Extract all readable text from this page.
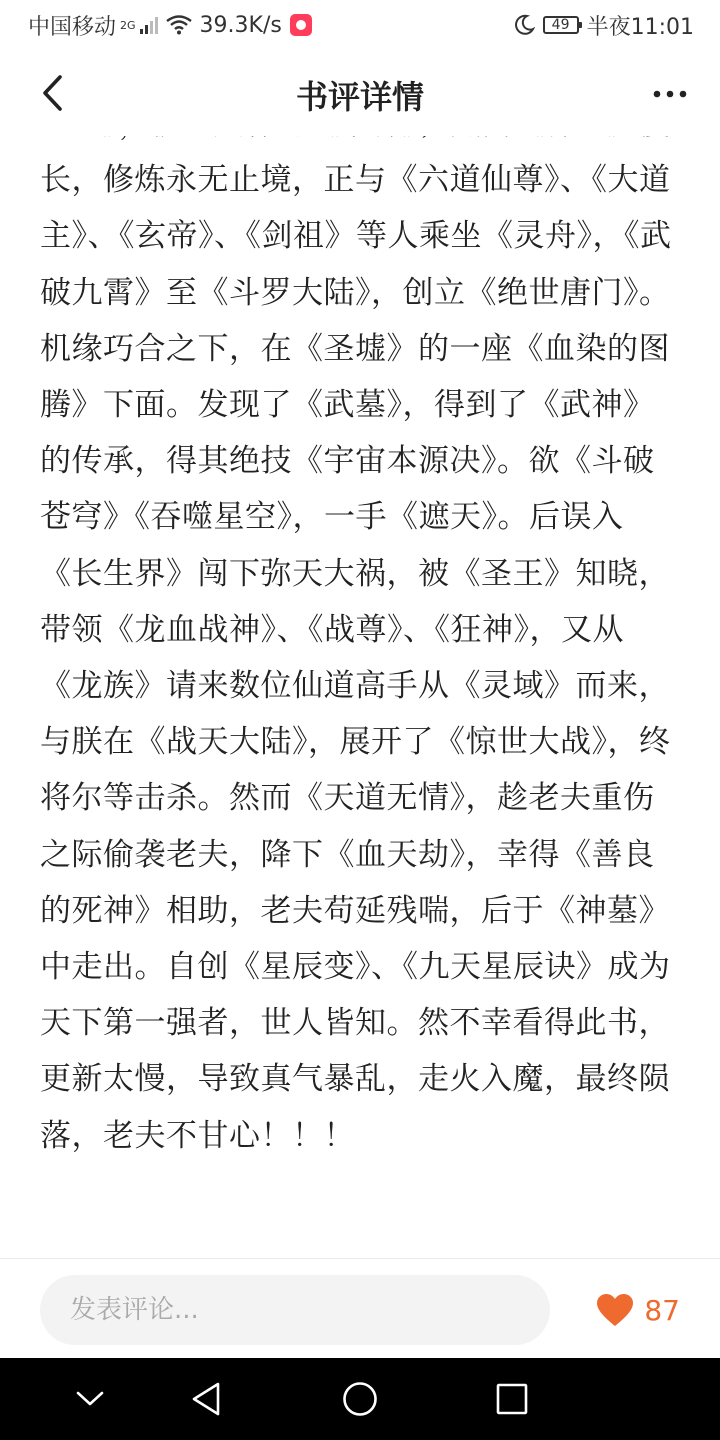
中国移动 2G	39.3K/s	49 半夜11:01
书评详情

长，修炼永无止境，正与《六道仙尊》、《大道主》、《玄帝》、《剑祖》等人乘坐《灵舟》，《武破九霄》至《斗罗大陆》，创立《绝世唐门》。机缘巧合之下，在《圣墟》的一座《血染的图腾》下面。发现了《武墓》，得到了《武神》的传承，得其绝技《宇宙本源决》。欲《斗破苍穹》《吞噬星空》，一手《遮天》。后误入《长生界》闯下弥天大祸，被《圣王》知晓，带领《龙血战神》、《战尊》、《狂神》，又从《龙族》请来数位仙道高手从《灵域》而来，与朕在《战天大陆》，展开了《惊世大战》，终将尔等击杀。然而《天道无情》，趁老夫重伤之际偷袭老夫，降下《血天劫》，幸得《善良的死神》相助，老夫苟延残喘，后于《神墓》中走出。自创《星辰变》、《九天星辰诀》成为天下第一强者，世人皆知。然不幸看得此书，更新太慢，导致真气暴乱，走火入魔，最终陨落，老夫不甘心！！！

发表评论...
87
